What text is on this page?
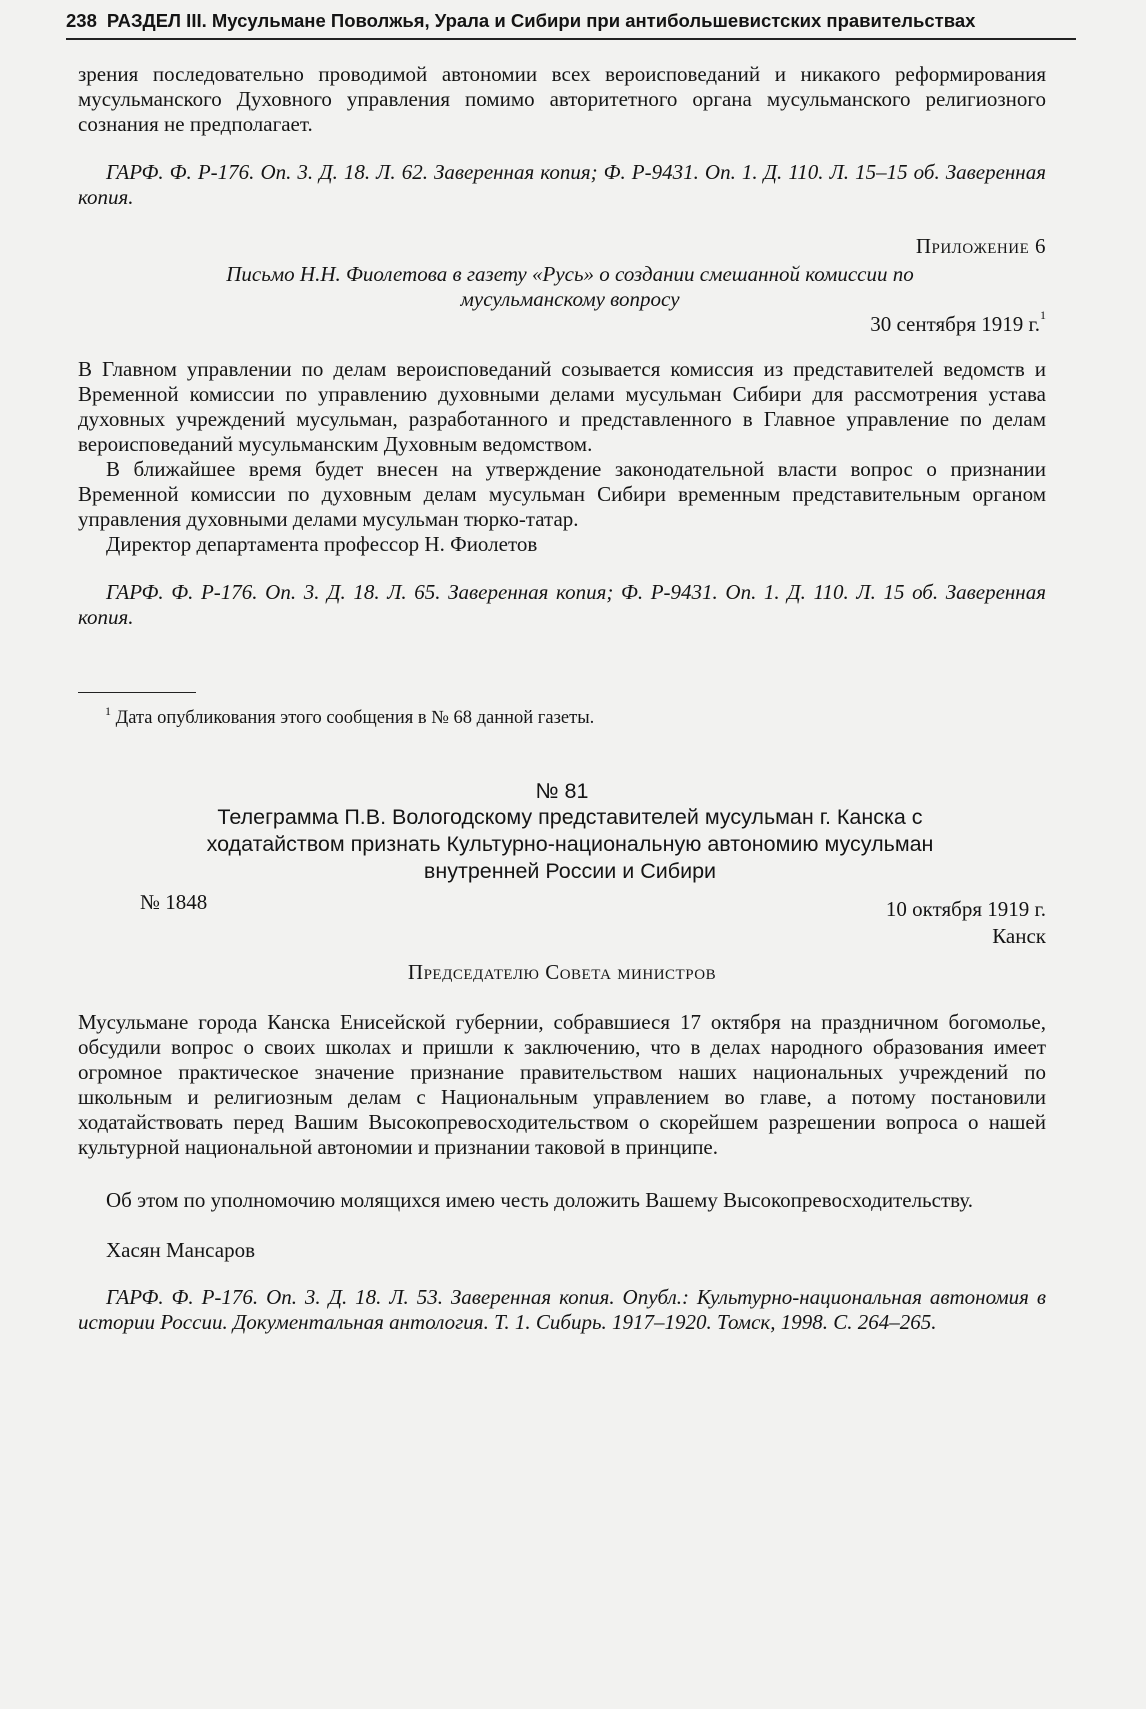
238 РАЗДЕЛ III. Мусульмане Поволжья, Урала и Сибири при антибольшевистских правительствах
зрения последовательно проводимой автономии всех вероисповеданий и никакого реформирования мусульманского Духовного управления помимо авторитетного органа мусульманского религиозного сознания не предполагает.
ГАРФ. Ф. Р-176. Оп. 3. Д. 18. Л. 62. Заверенная копия; Ф. Р-9431. Оп. 1. Д. 110. Л. 15–15 об. Заверенная копия.
Приложение 6
Письмо Н.Н. Фиолетова в газету «Русь» о создании смешанной комиссии по мусульманскому вопросу
30 сентября 1919 г.$^1$
В Главном управлении по делам вероисповеданий созывается комиссия из представителей ведомств и Временной комиссии по управлению духовными делами мусульман Сибири для рассмотрения устава духовных учреждений мусульман, разработанного и представленного в Главное управление по делам вероисповеданий мусульманским Духовным ведомством.
В ближайшее время будет внесен на утверждение законодательной власти вопрос о признании Временной комиссии по духовным делам мусульман Сибири временным представительным органом управления духовными делами мусульман тюрко-татар.
Директор департамента профессор Н. Фиолетов
ГАРФ. Ф. Р-176. Оп. 3. Д. 18. Л. 65. Заверенная копия; Ф. Р-9431. Оп. 1. Д. 110. Л. 15 об. Заверенная копия.
$^1$ Дата опубликования этого сообщения в № 68 данной газеты.
№ 81
Телеграмма П.В. Вологодскому представителей мусульман г. Канска с ходатайством признать Культурно-национальную автономию мусульман внутренней России и Сибири
№ 1848	10 октября 1919 г.
Канск
Председателю Совета министров
Мусульмане города Канска Енисейской губернии, собравшиеся 17 октября на праздничном богомолье, обсудили вопрос о своих школах и пришли к заключению, что в делах народного образования имеет огромное практическое значение признание правительством наших национальных учреждений по школьным и религиозным делам с Национальным управлением во главе, а потому постановили ходатайствовать перед Вашим Высокопревосходительством о скорейшем разрешении вопроса о нашей культурной национальной автономии и признании таковой в принципе.
Об этом по уполномочию молящихся имею честь доложить Вашему Высокопревосходительству.
Хасян Мансаров
ГАРФ. Ф. Р-176. Оп. 3. Д. 18. Л. 53. Заверенная копия. Опубл.: Культурно-национальная автономия в истории России. Документальная антология. Т. 1. Сибирь. 1917–1920. Томск, 1998. С. 264–265.
